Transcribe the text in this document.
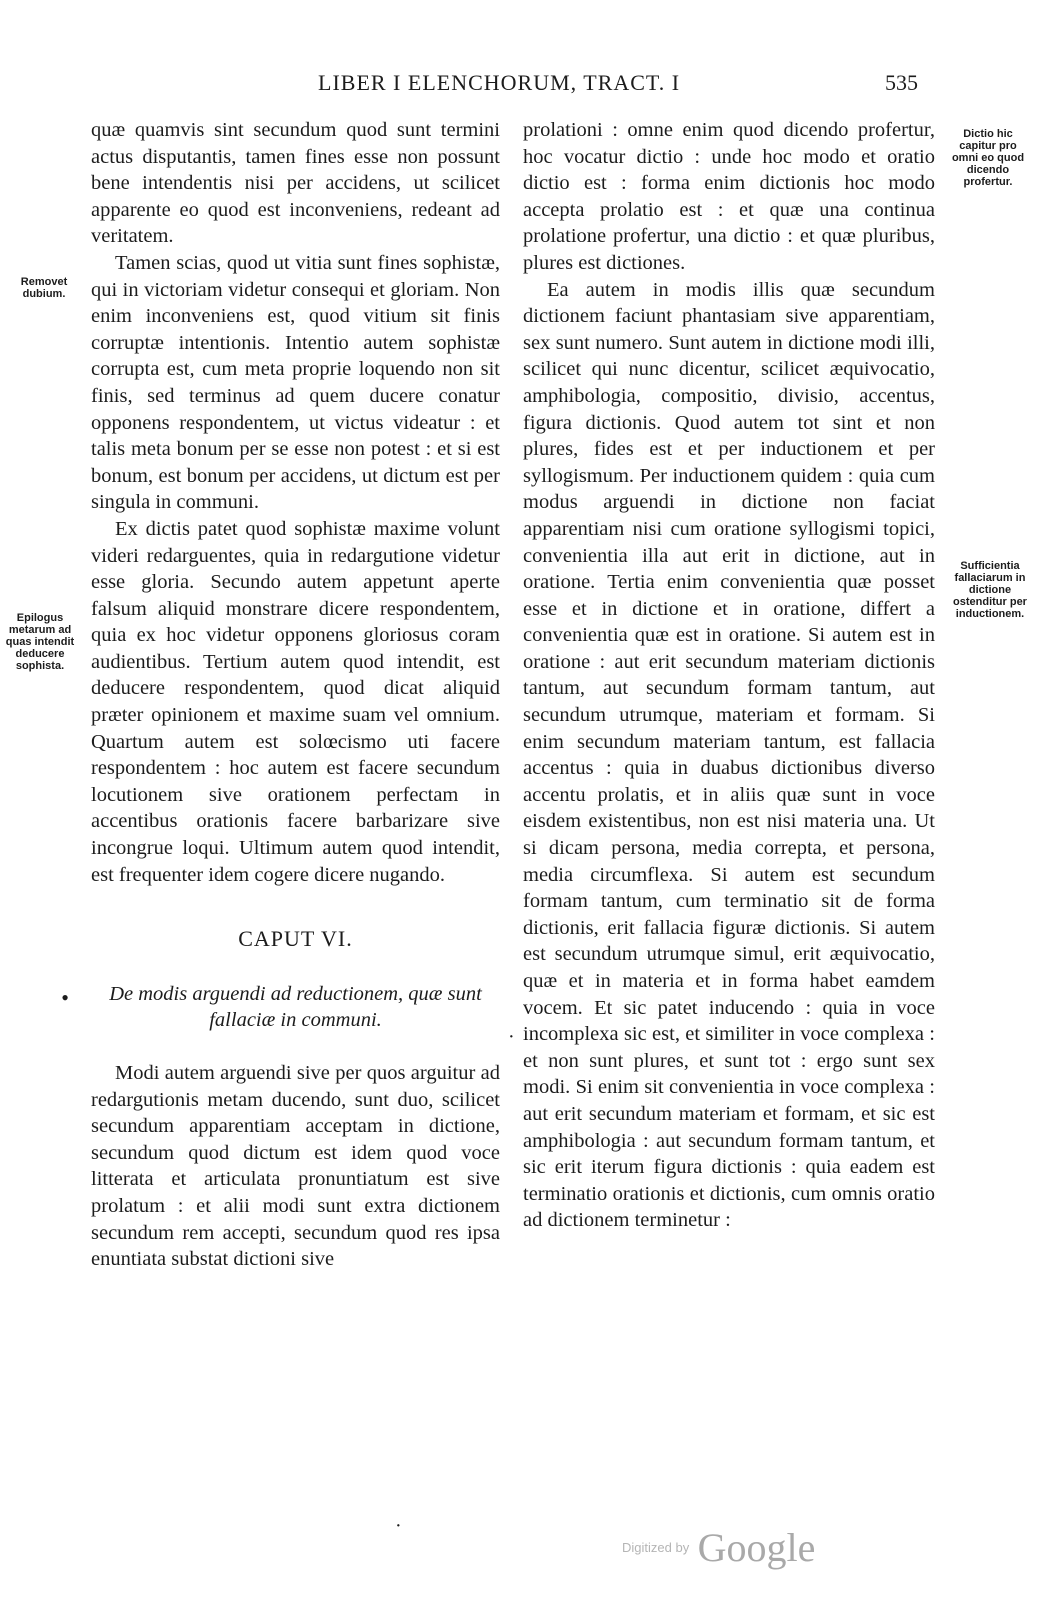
LIBER I ELENCHORUM, TRACT. I	535

quæ quamvis sint secundum quod sunt termini actus disputantis, tamen fines esse non possunt bene intendentis nisi per accidens, ut scilicet apparente eo quod est inconveniens, redeant ad veritatem.

Tamen scias, quod ut vitia sunt fines sophistæ, qui in victoriam videtur consequi et gloriam. Non enim inconveniens est, quod vitium sit finis corruptæ intentionis. Intentio autem sophistæ corrupta est, cum meta proprie loquendo non sit finis, sed terminus ad quem ducere conatur opponens respondentem, ut victus videatur : et talis meta bonum per se esse non potest : et si est bonum, est bonum per accidens, ut dictum est per singula in communi.

Ex dictis patet quod sophistæ maxime volunt videri redarguentes, quia in redargutione videtur esse gloria. Secundo autem appetunt aperte falsum aliquid monstrare dicere respondentem, quia ex hoc videtur opponens gloriosus coram audientibus. Tertium autem quod intendit, est deducere respondentem, quod dicat aliquid præter opinionem et maxime suam vel omnium. Quartum autem est solœcismo uti facere respondentem : hoc autem est facere secundum locutionem sive orationem perfectam in accentibus orationis facere barbarizare sive incongrue loqui. Ultimum autem quod intendit, est frequenter idem cogere dicere nugando.

CAPUT VI.
• De modis arguendi ad reductionem, quæ sunt fallaciæ in communi.

Modi autem arguendi sive per quos arguitur ad redargutionis metam ducendo, sunt duo, scilicet secundum apparentiam acceptam in dictione, secundum quod dictum est idem quod voce litterata et articulata pronuntiatum est sive prolatum : et alii modi sunt extra dictionem secundum rem accepti, secundum quod res ipsa enuntiata substat dictioni sive

prolationi : omne enim quod dicendo profertur, hoc vocatur dictio : unde hoc modo et oratio dictio est : forma enim dictionis hoc modo accepta prolatio est : et quæ una continua prolatione profertur, una dictio : et quæ pluribus, plures est dictiones.

Ea autem in modis illis quæ secundum dictionem faciunt phantasiam sive apparentiam, sex sunt numero. Sunt autem in dictione modi illi, scilicet qui nunc dicentur, scilicet æquivocatio, amphibologia, compositio, divisio, accentus, figura dictionis. Quod autem tot sint et non plures, fides est et per inductionem et per syllogismum. Per inductionem quidem : quia cum modus arguendi in dictione non faciat apparentiam nisi cum oratione syllogismi topici, convenientia illa aut erit in dictione, aut in oratione. Tertia enim convenientia quæ posset esse et in dictione et in oratione, differt a convenientia quæ est in oratione. Si autem est in oratione : aut erit secundum materiam dictionis tantum, aut secundum formam tantum, aut secundum utrumque, materiam et formam. Si enim secundum materiam tantum, est fallacia accentus : quia in duabus dictionibus diverso accentu prolatis, et in aliis quæ sunt in voce eisdem existentibus, non est nisi materia una. Ut si dicam persona, media correpta, et persona, media circumflexa. Si autem est secundum formam tantum, cum terminatio sit de forma dictionis, erit fallacia figuræ dictionis. Si autem est secundum utrumque simul, erit æquivocatio, quæ et in materia et in forma habet eamdem vocem. Et sic patet inducendo : quia in voce incomplexa sic est, et similiter in voce complexa : et non sunt plures, et sunt tot : ergo sunt sex modi. Si enim sit convenientia in voce complexa : aut erit secundum materiam et formam, et sic est amphibologia : aut secundum formam tantum, et sic erit iterum figura dictionis : quia eadem est terminatio orationis et dictionis, cum omnis oratio ad dictionem terminetur :

Removet dubium.
Epilogus metarum ad quas intendit deducere sophista.
Dictio hic capitur pro omni eo quod dicendo profertur.
Sufficientia fallaciarum in dictione ostenditur per inductionem.
·
·
Digitized by Google
